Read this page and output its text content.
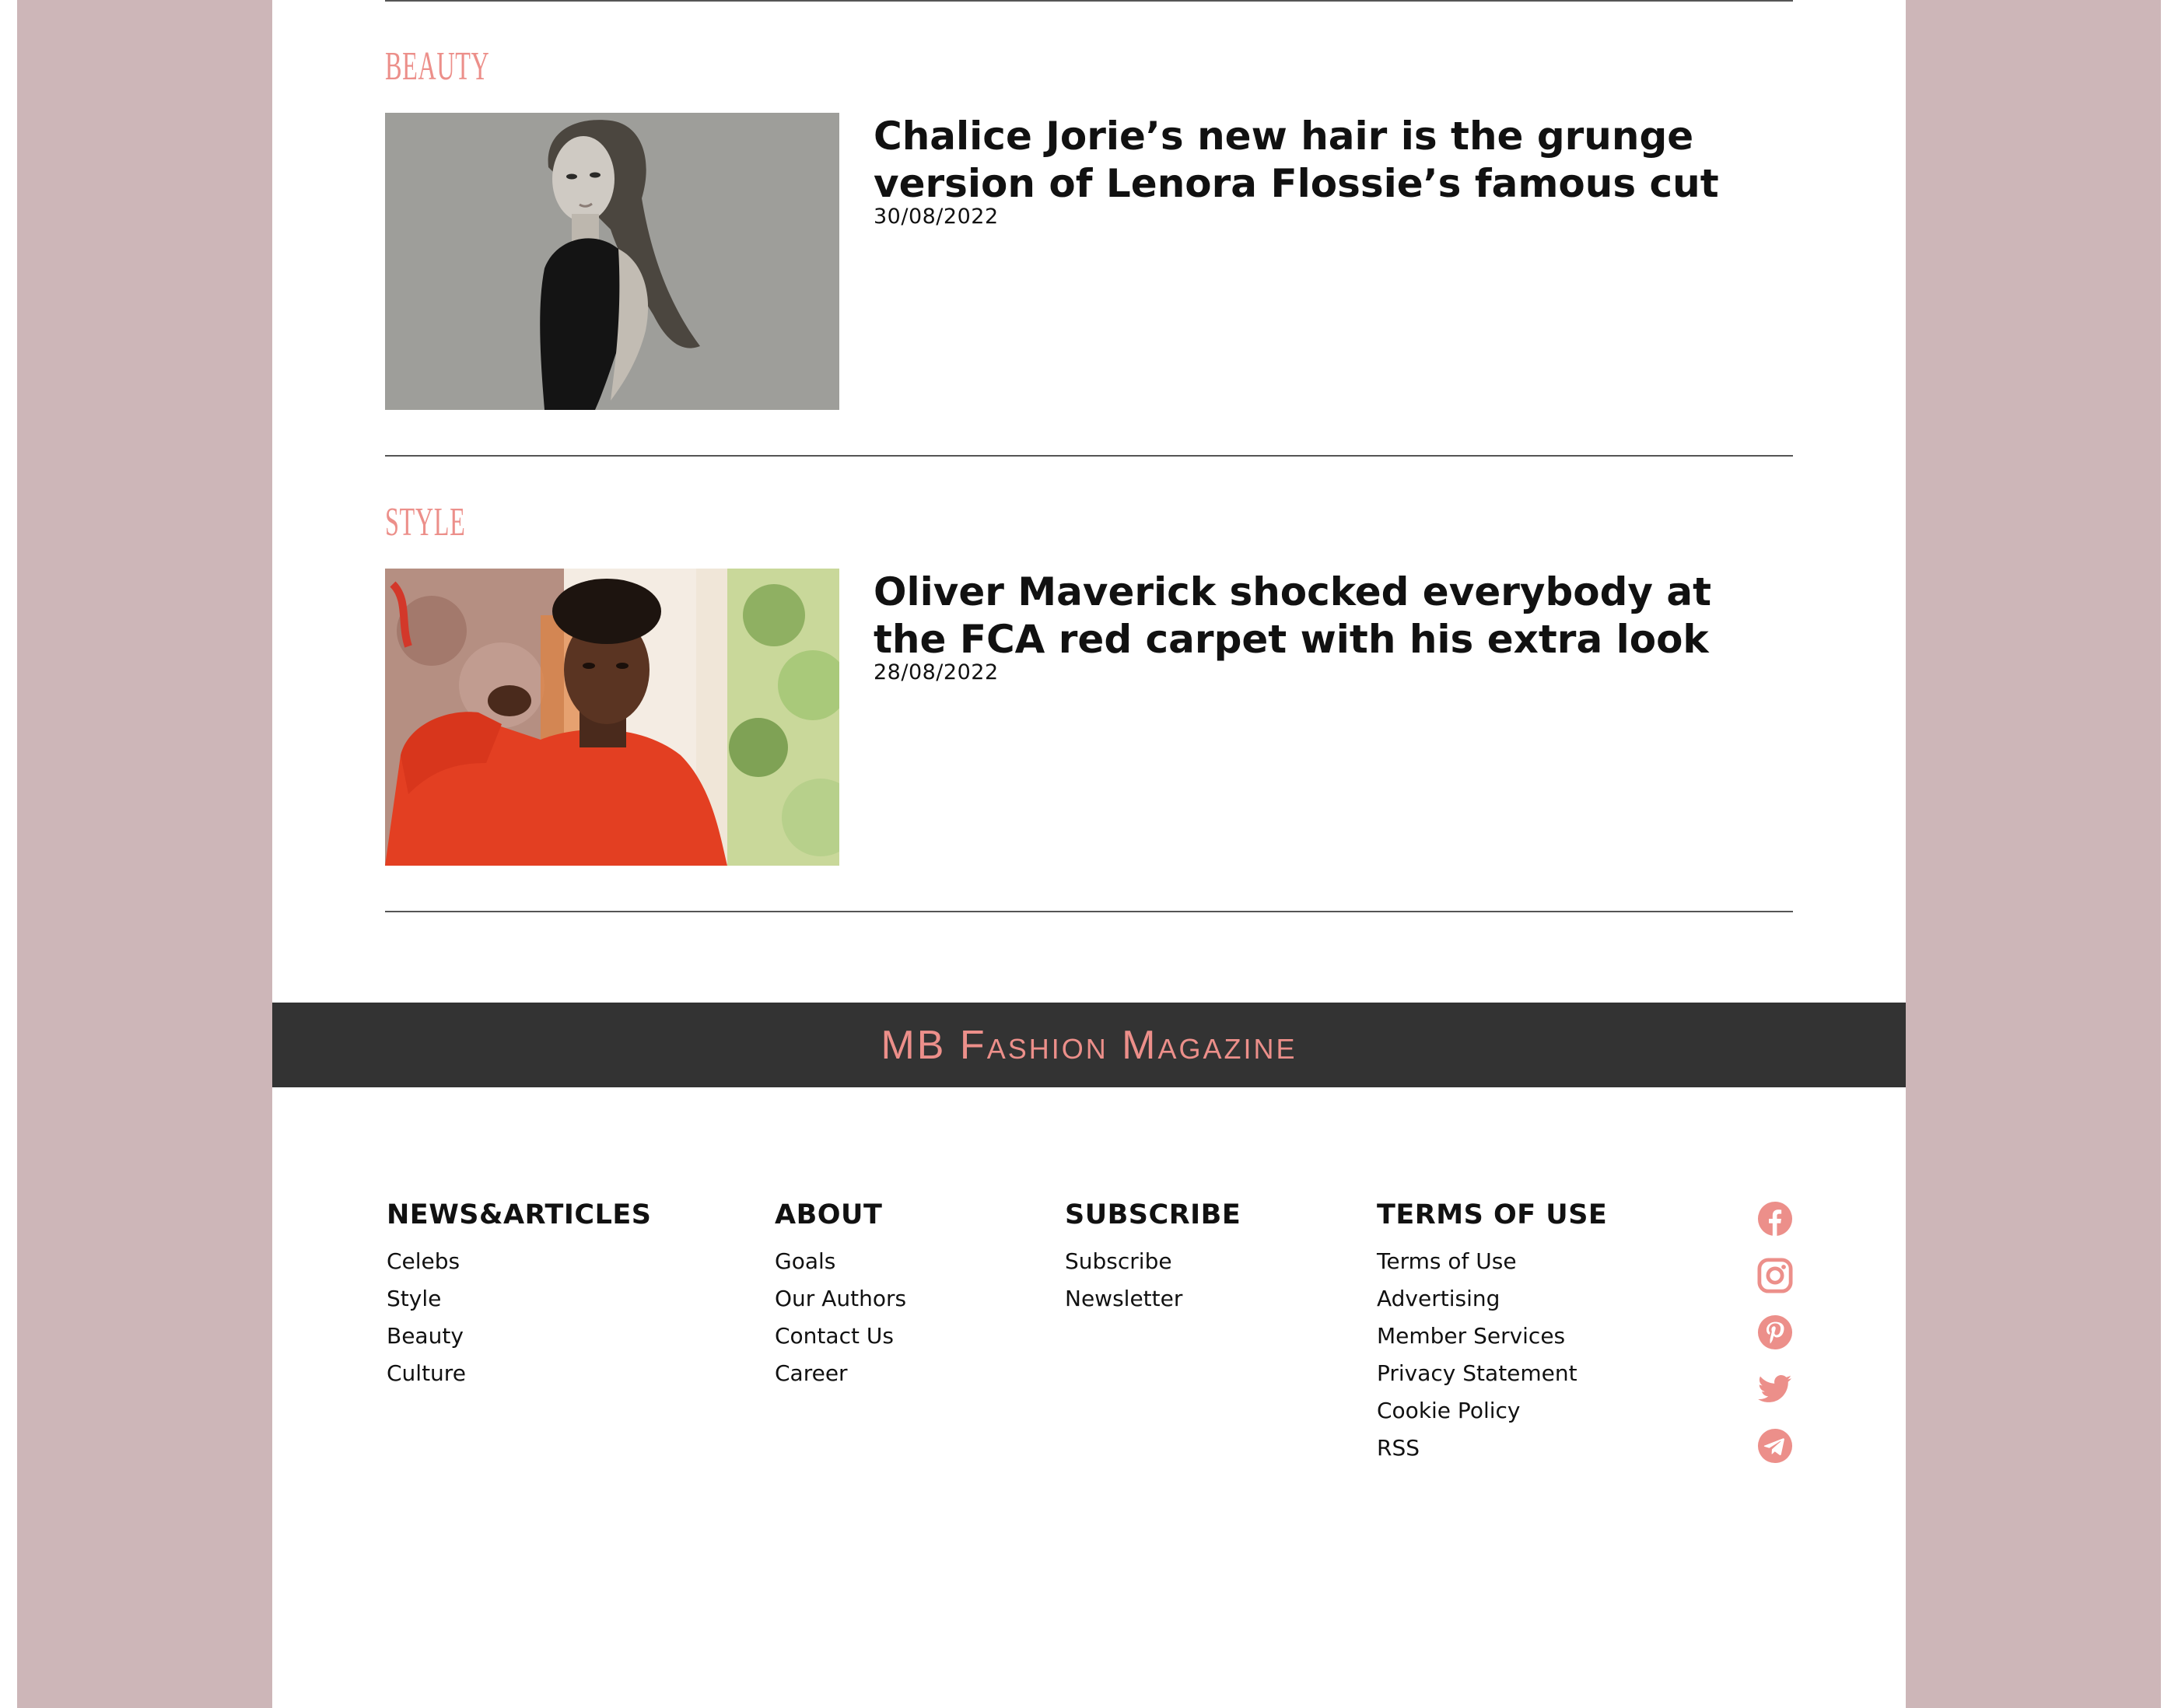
BEAUTY
Chalice Jorie’s new hair is the grunge version of Lenora Flossie’s famous cut
30/08/2022
STYLE
Oliver Maverick shocked everybody at the FCA red carpet with his extra look
28/08/2022
MB Fashion Magazine
NEWS&ARTICLES
Celebs
Style
Beauty
Culture
ABOUT
Goals
Our Authors
Contact Us
Career
SUBSCRIBE
Subscribe
Newsletter
TERMS OF USE
Terms of Use
Advertising
Member Services
Privacy Statement
Cookie Policy
RSS
